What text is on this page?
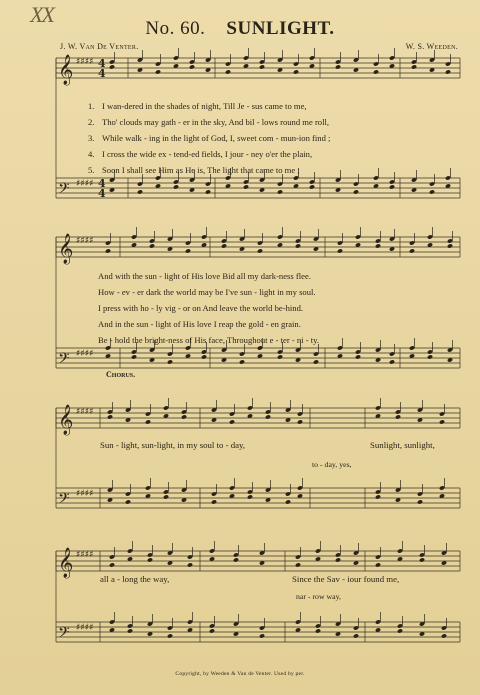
XX
No. 60. SUNLIGHT.
J. W. Van De Venter.	W. S. Weeden.
𝄞
𝄢
𝄞
𝄢
𝄞
𝄢
𝄞
𝄢
♯♯♯♯
♯♯♯♯
♯♯♯♯
♯♯♯♯
♯♯♯♯
♯♯♯♯
♯♯♯♯
♯♯♯♯
4
4
4
4
1. I wan-dered in the shades of night, Till Je - sus came to me,
2. Tho' clouds may gath - er in the sky, And bil - lows round me roll,
3. While walk - ing in the light of God, I, sweet com - mun-ion find ;
4. I cross the wide ex - tend-ed fields, I jour - ney o'er the plain,
5. Soon I shall see Him as He is, The light that came to me ;
And with the sun - light of His love Bid all my dark-ness flee.
How - ev - er dark the world may be I've sun - light in my soul.
I press with ho - ly vig - or on And leave the world be-hind.
And in the sun - light of His love I reap the gold - en grain.
Be - hold the bright-ness of His face, Throughout e - ter - ni - ty.
Chorus.
Sun - light, sun-light, in my soul to - day,	Sunlight, sunlight,
to - day, yes,
all a - long the way,	Since the Sav - iour found me,
nar - row way,
Copyright, by Weeden & Van de Venter. Used by per.
